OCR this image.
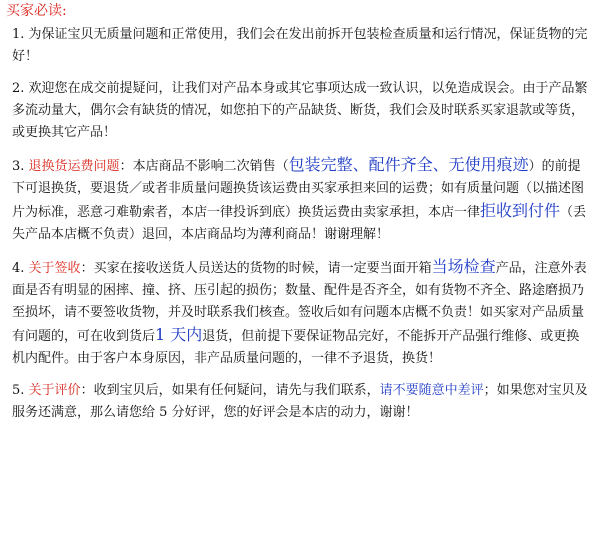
买家必读:

1. 为保证宝贝无质量问题和正常使用，我们会在发出前拆开包装检查质量和运行情况，保证货物的完好！

2. 欢迎您在成交前提疑问，让我们对产品本身或其它事项达成一致认识，以免造成误会。由于产品繁多流动量大，偶尔会有缺货的情况，如您拍下的产品缺货、断货，我们会及时联系买家退款或等货，或更换其它产品！

3. 退换货运费问题：本店商品不影响二次销售（包装完整、配件齐全、无使用痕迹）的前提下可退换货，要退货／或者非质量问题换货该运费由买家承担来回的运费；如有质量问题（以描述图片为标准，恶意刁难勒索者，本店一律投诉到底）换货运费由卖家承担，本店一律拒收到付件（丢失产品本店概不负责）退回，本店商品均为薄利商品！谢谢理解！

4. 关于签收：买家在接收送货人员送达的货物的时候，请一定要当面开箱当场检查产品，注意外表面是否有明显的困摔、撞、挤、压引起的损伤；数量、配件是否齐全，如有货物不齐全、路途磨损乃至损坏，请不要签收货物，并及时联系我们核查。签收后如有问题本店概不负责！如买家对产品质量有问题的，可在收到货后1 天内退货，但前提下要保证物品完好，不能拆开产品强行维修、或更换机内配件。由于客户本身原因，非产品质量问题的，一律不予退货，换货！

5. 关于评价：收到宝贝后，如果有任何疑问，请先与我们联系，请不要随意中差评；如果您对宝贝及服务还满意，那么请您给 5 分好评，您的好评会是本店的动力，谢谢！
